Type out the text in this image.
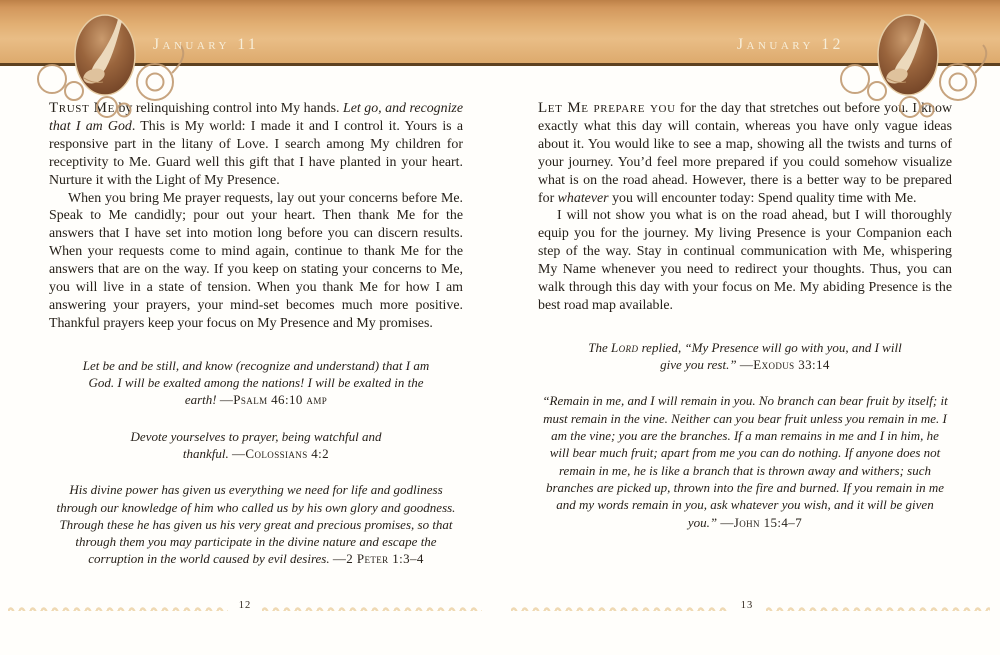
January 11	January 12

Trust Me by relinquishing control into My hands. Let go, and recognize that I am God. This is My world: I made it and I control it. Yours is a responsive part in the litany of Love. I search among My children for receptivity to Me. Guard well this gift that I have planted in your heart. Nurture it with the Light of My Presence.

When you bring Me prayer requests, lay out your concerns before Me. Speak to Me candidly; pour out your heart. Then thank Me for the answers that I have set into motion long before you can discern results. When your requests come to mind again, continue to thank Me for the answers that are on the way. If you keep on stating your concerns to Me, you will live in a state of tension. When you thank Me for how I am answering your prayers, your mind-set becomes much more positive. Thankful prayers keep your focus on My Presence and My promises.

Let be and be still, and know (recognize and understand) that I am God. I will be exalted among the nations! I will be exalted in the earth! —Psalm 46:10 amp
Devote yourselves to prayer, being watchful and thankful. —Colossians 4:2
His divine power has given us everything we need for life and godliness through our knowledge of him who called us by his own glory and goodness. Through these he has given us his very great and precious promises, so that through them you may participate in the divine nature and escape the corruption in the world caused by evil desires. —2 Peter 1:3–4

Let Me prepare you for the day that stretches out before you. I know exactly what this day will contain, whereas you have only vague ideas about it. You would like to see a map, showing all the twists and turns of your journey. You’d feel more prepared if you could somehow visualize what is on the road ahead. However, there is a better way to be prepared for whatever you will encounter today: Spend quality time with Me.

I will not show you what is on the road ahead, but I will thoroughly equip you for the journey. My living Presence is your Companion each step of the way. Stay in continual communication with Me, whispering My Name whenever you need to redirect your thoughts. Thus, you can walk through this day with your focus on Me. My abiding Presence is the best road map available.

The Lord replied, “My Presence will go with you, and I will give you rest.” —Exodus 33:14
“Remain in me, and I will remain in you. No branch can bear fruit by itself; it must remain in the vine. Neither can you bear fruit unless you remain in me. I am the vine; you are the branches. If a man remains in me and I in him, he will bear much fruit; apart from me you can do nothing. If anyone does not remain in me, he is like a branch that is thrown away and withers; such branches are picked up, thrown into the fire and burned. If you remain in me and my words remain in you, ask whatever you wish, and it will be given you.” —John 15:4–7
12	13
